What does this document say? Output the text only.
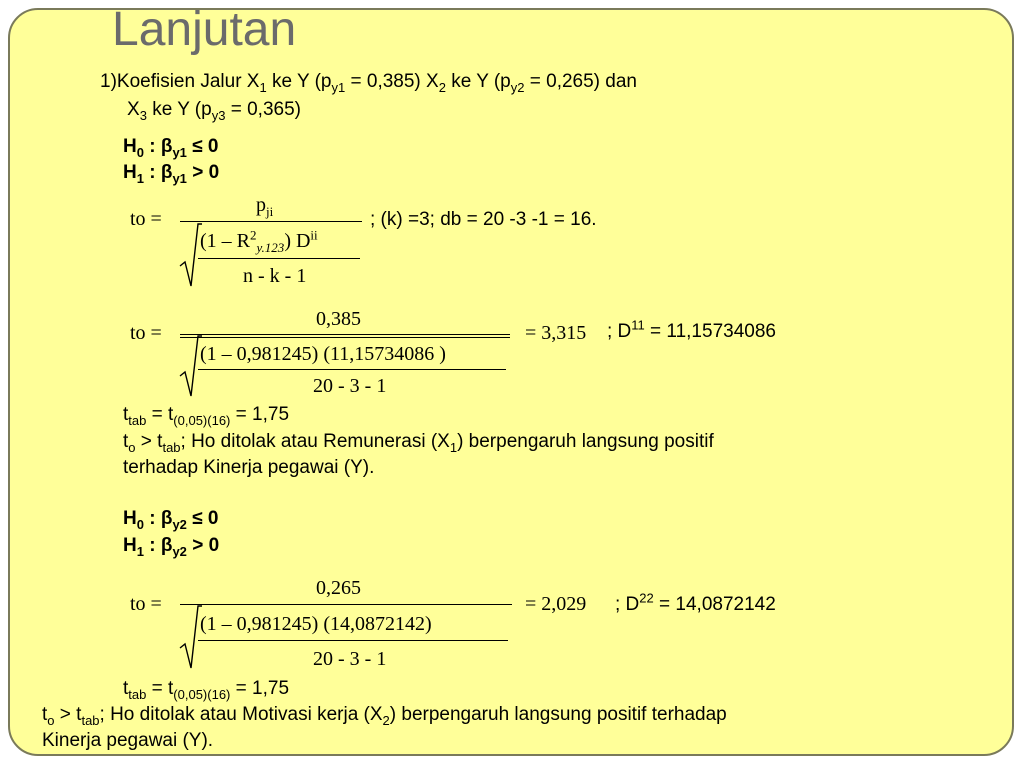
Lanjutan
1)Koefisien Jalur $X_1$ ke Y $(p_{y1} = 0,385)$ $X_2$ ke Y $(p_{y2} = 0,265)$ dan
$X_3$ ke Y $(p_{y3} = 0,365)$
$H_0$ : $\beta_{y1} \le 0$
$H_1$ : $\beta_{y1} > 0$
to =
$p_{ji}$
$(1 - R^2_{y.123})$ $D^{ii}$
n - k - 1
; (k) =3; db = 20 -3 -1 = 16.
to =
0,385
(1 – 0,981245) (11,15734086 )
20 - 3 - 1
= 3,315 ; $D^{11} = 11,15734086$
$t_{tab} = t_{(0,05)(16)} = 1,75$
$t_o > t_{tab}$; Ho ditolak atau Remunerasi $(X_1)$ berpengaruh langsung positif
terhadap Kinerja pegawai (Y).
$H_0$ : $\beta_{y2} \le 0$
$H_1$ : $\beta_{y2} > 0$
to =
0,265
(1 – 0,981245) (14,0872142)
20 - 3 - 1
= 2,029 ; $D^{22} = 14,0872142$
$t_{tab} = t_{(0,05)(16)} = 1,75$
$t_o > t_{tab}$; Ho ditolak atau Motivasi kerja $(X_2)$ berpengaruh langsung positif terhadap
Kinerja pegawai (Y).
